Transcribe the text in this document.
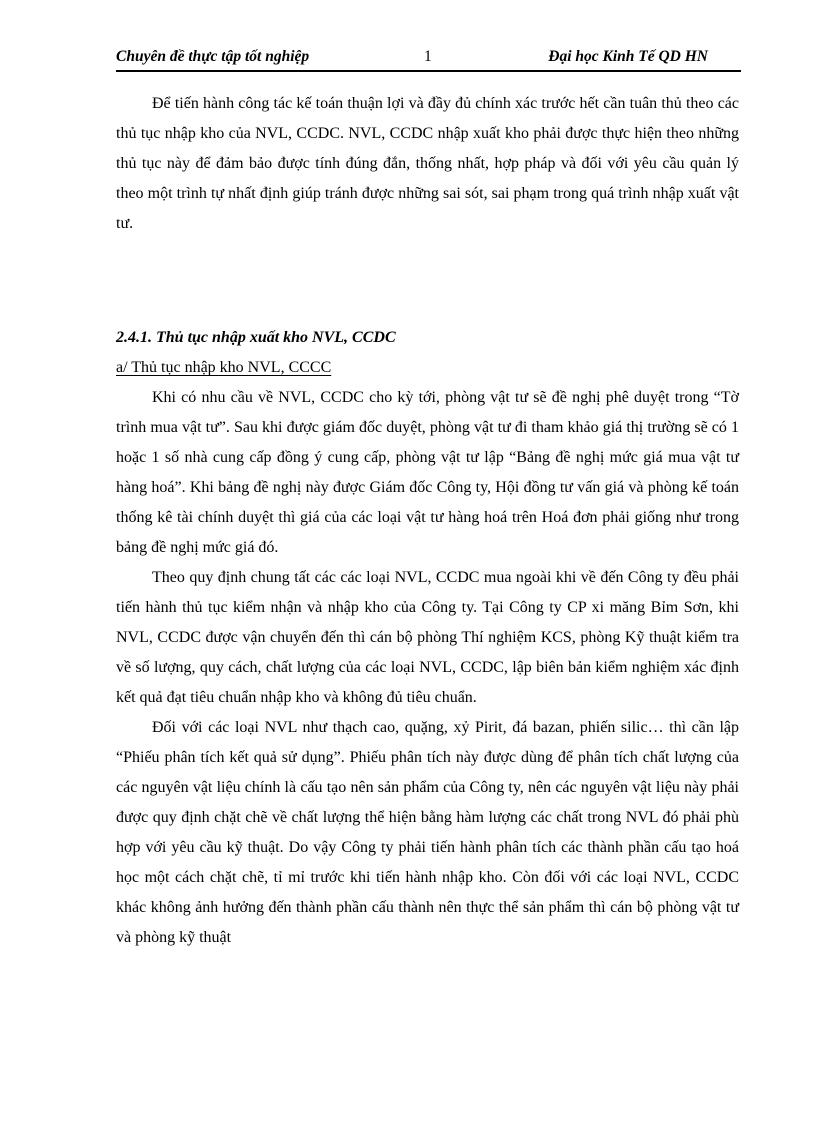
Chuyên đề thực tập tốt nghiệp	1	Đại học Kinh Tế QD HN

Để tiến hành công tác kế toán thuận lợi và đầy đủ chính xác trước hết cần tuân thủ theo các thủ tục nhập kho của NVL, CCDC. NVL, CCDC nhập xuất kho phải được thực hiện theo những thủ tục này để đảm bảo được tính đúng đắn, thống nhất, hợp pháp và đối với yêu cầu quản lý theo một trình tự nhất định giúp tránh được những sai sót, sai phạm trong quá trình nhập xuất vật tư.

2.4.1. Thủ tục nhập xuất kho NVL, CCDC

a/ Thủ tục nhập kho NVL, CCCC

Khi có nhu cầu về NVL, CCDC cho kỳ tới, phòng vật tư sẽ đề nghị phê duyệt trong “Tờ trình mua vật tư”. Sau khi được giám đốc duyệt, phòng vật tư đi tham khảo giá thị trường sẽ có 1 hoặc 1 số nhà cung cấp đồng ý cung cấp, phòng vật tư lập “Bảng đề nghị mức giá mua vật tư hàng hoá”. Khi bảng đề nghị này được Giám đốc Công ty, Hội đồng tư vấn giá và phòng kế toán thống kê tài chính duyệt thì giá của các loại vật tư hàng hoá trên Hoá đơn phải giống như trong bảng đề nghị mức giá đó.

Theo quy định chung tất các các loại NVL, CCDC mua ngoài khi về đến Công ty đều phải tiến hành thủ tục kiểm nhận và nhập kho của Công ty. Tại Công ty CP xi măng Bỉm Sơn, khi NVL, CCDC được vận chuyển đến thì cán bộ phòng Thí nghiệm KCS, phòng Kỹ thuật kiểm tra về số lượng, quy cách, chất lượng của các loại NVL, CCDC, lập biên bản kiểm nghiệm xác định kết quả đạt tiêu chuẩn nhập kho và không đủ tiêu chuẩn.

Đối với các loại NVL như thạch cao, quặng, xỷ Pirit, đá bazan, phiến silic… thì cần lập “Phiếu phân tích kết quả sử dụng”. Phiếu phân tích này được dùng để phân tích chất lượng của các nguyên vật liệu chính là cấu tạo nên sản phẩm của Công ty, nên các nguyên vật liệu này phải được quy định chặt chẽ về chất lượng thể hiện bằng hàm lượng các chất trong NVL đó phải phù hợp với yêu cầu kỹ thuật. Do vậy Công ty phải tiến hành phân tích các thành phần cấu tạo hoá học một cách chặt chẽ, tỉ mỉ trước khi tiến hành nhập kho. Còn đối với các loại NVL, CCDC khác không ảnh hưởng đến thành phần cấu thành nên thực thể sản phẩm thì cán bộ phòng vật tư và phòng kỹ thuật
